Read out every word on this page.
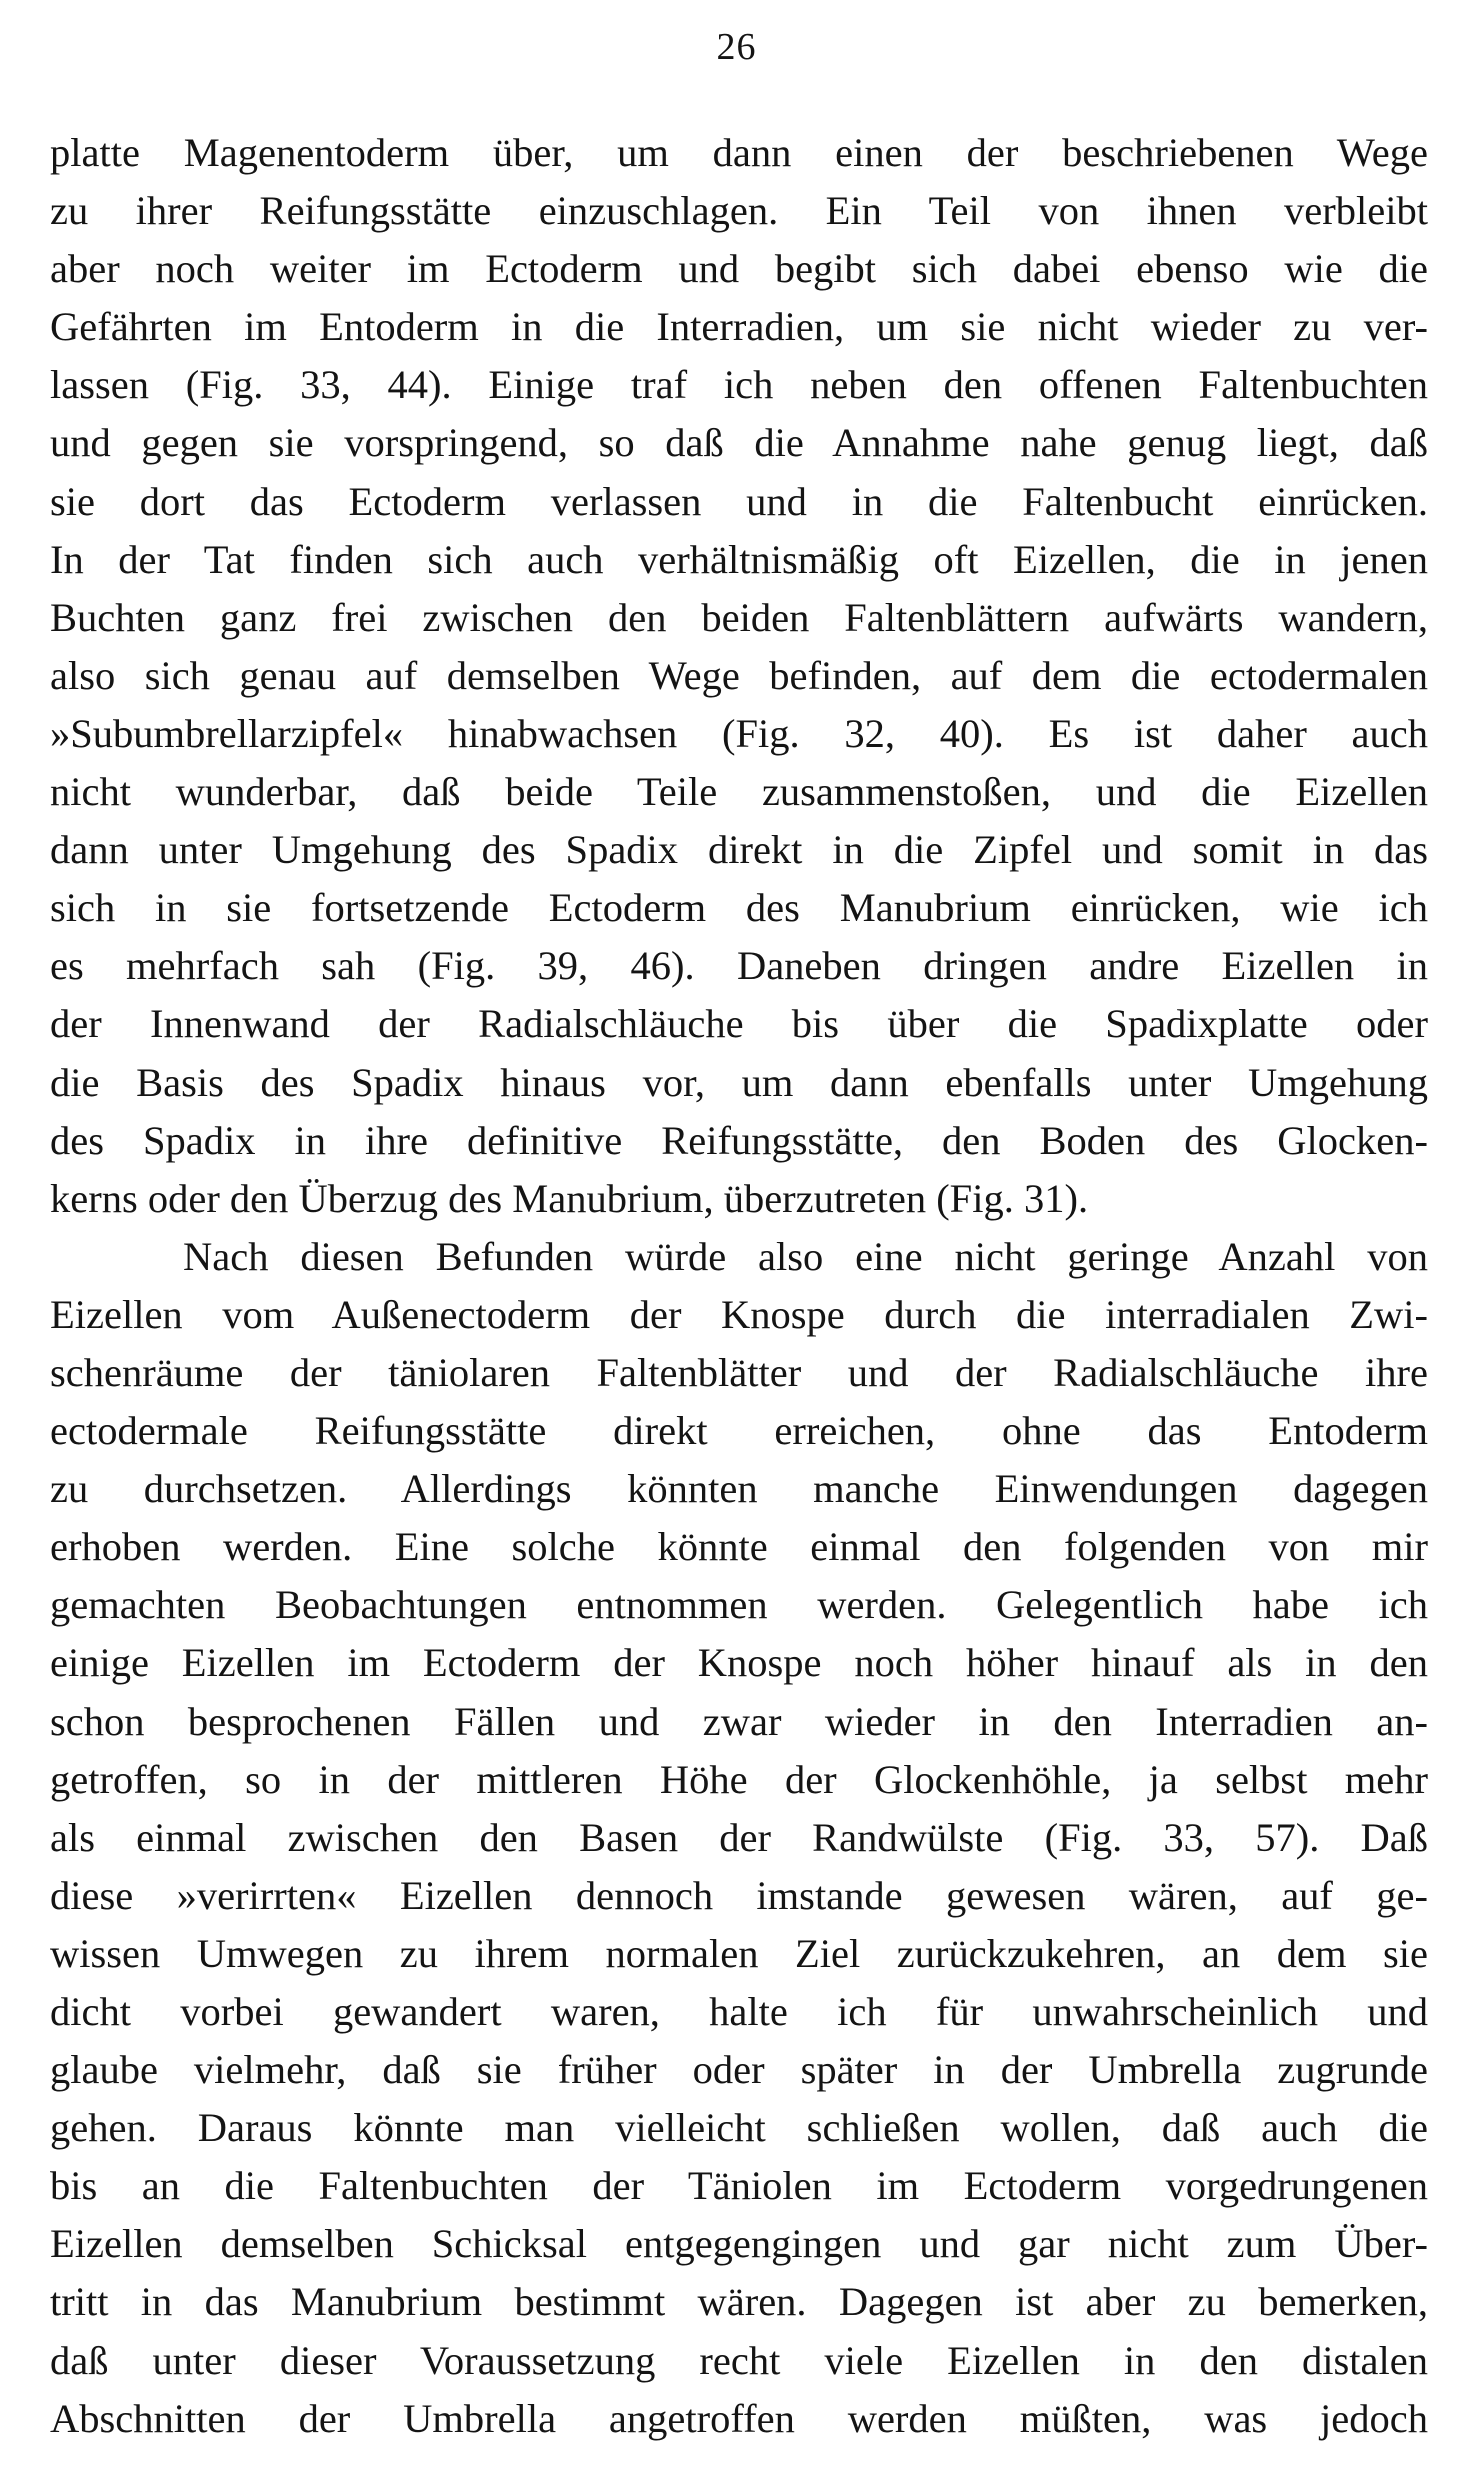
26
platte Magenentoderm über, um dann einen der beschriebenen Wege
zu ihrer Reifungsstätte einzuschlagen. Ein Teil von ihnen verbleibt
aber noch weiter im Ectoderm und begibt sich dabei ebenso wie die
Gefährten im Entoderm in die Interradien, um sie nicht wieder zu ver-
lassen (Fig. 33, 44). Einige traf ich neben den offenen Faltenbuchten
und gegen sie vorspringend, so daß die Annahme nahe genug liegt, daß
sie dort das Ectoderm verlassen und in die Faltenbucht einrücken.
In der Tat finden sich auch verhältnismäßig oft Eizellen, die in jenen
Buchten ganz frei zwischen den beiden Faltenblättern aufwärts wandern,
also sich genau auf demselben Wege befinden, auf dem die ectodermalen
»Subumbrellarzipfel« hinabwachsen (Fig. 32, 40). Es ist daher auch
nicht wunderbar, daß beide Teile zusammenstoßen, und die Eizellen
dann unter Umgehung des Spadix direkt in die Zipfel und somit in das
sich in sie fortsetzende Ectoderm des Manubrium einrücken, wie ich
es mehrfach sah (Fig. 39, 46). Daneben dringen andre Eizellen in
der Innenwand der Radialschläuche bis über die Spadixplatte oder
die Basis des Spadix hinaus vor, um dann ebenfalls unter Umgehung
des Spadix in ihre definitive Reifungsstätte, den Boden des Glocken-
kerns oder den Überzug des Manubrium, überzutreten (Fig. 31).
Nach diesen Befunden würde also eine nicht geringe Anzahl von
Eizellen vom Außenectoderm der Knospe durch die interradialen Zwi-
schenräume der täniolaren Faltenblätter und der Radialschläuche ihre
ectodermale Reifungsstätte direkt erreichen, ohne das Entoderm
zu durchsetzen. Allerdings könnten manche Einwendungen dagegen
erhoben werden. Eine solche könnte einmal den folgenden von mir
gemachten Beobachtungen entnommen werden. Gelegentlich habe ich
einige Eizellen im Ectoderm der Knospe noch höher hinauf als in den
schon besprochenen Fällen und zwar wieder in den Interradien an-
getroffen, so in der mittleren Höhe der Glockenhöhle, ja selbst mehr
als einmal zwischen den Basen der Randwülste (Fig. 33, 57). Daß
diese »verirrten« Eizellen dennoch imstande gewesen wären, auf ge-
wissen Umwegen zu ihrem normalen Ziel zurückzukehren, an dem sie
dicht vorbei gewandert waren, halte ich für unwahrscheinlich und
glaube vielmehr, daß sie früher oder später in der Umbrella zugrunde
gehen. Daraus könnte man vielleicht schließen wollen, daß auch die
bis an die Faltenbuchten der Täniolen im Ectoderm vorgedrungenen
Eizellen demselben Schicksal entgegengingen und gar nicht zum Über-
tritt in das Manubrium bestimmt wären. Dagegen ist aber zu bemerken,
daß unter dieser Voraussetzung recht viele Eizellen in den distalen
Abschnitten der Umbrella angetroffen werden müßten, was jedoch
